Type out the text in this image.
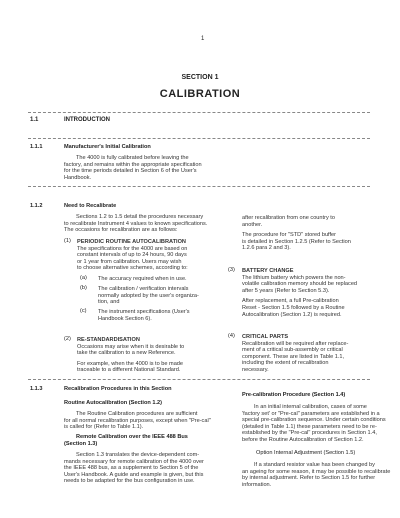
1
SECTION 1
CALIBRATION
1.1	INTRODUCTION
1.1.1	Manufacturer's Initial Calibration
The 4000 is fully calibrated before leaving the
factory, and remains within the appropriate specification
for the time periods detailed in Section 6 of the User's
Handbook.
1.1.2	Need to Recalibrate
Sections 1.2 to 1.5 detail the procedures necessary
to recalibrate Instrument 4 values to known specifications.
The occasions for recalibration are as follows:
(1) PERIODIC ROUTINE AUTOCALIBRATION
The specifications for the 4000 are based on
constant intervals of up to 24 hours, 90 days
or 1 year from calibration. Users may wish
to choose alternative schemes, according to:
(a) The accuracy required when in use.
(b) The calibration / verification intervals
normally adopted by the user's organiza-
tion, and
(c) The instrument specifications (User's
Handbook Section 6).
(2) RE-STANDARDISATION
Occasions may arise when it is desirable to
take the calibration to a new Reference.
For example, when the 4000 is to be made
traceable to a different National Standard.
after recalibration from one country to
another.
The procedure for "STD" stored buffer
is detailed in Section 1.2.5 (Refer to Section
1.2.6 para 2 and 3).
(3) BATTERY CHANGE
The lithium battery which powers the non-
volatile calibration memory should be replaced
after 5 years (Refer to Section 5.3).
After replacement, a full Pre-calibration
Reset - Section 1.5 followed by a Routine
Autocalibration (Section 1.2) is required.
(4) CRITICAL PARTS
Recalibration will be required after replace-
ment of a critical sub-assembly or critical
component. These are listed in Table 1.1,
including the extent of recalibration
necessary.
1.1.3	Recalibration Procedures in this Section
Routine Autocalibration (Section 1.2)
The Routine Calibration procedures are sufficient
for all normal recalibration purposes, except when "Pre-cal"
is called for (Refer to Table 1.1).
Remote Calibration over the IEEE 488 Bus
(Section 1.3)
Section 1.3 translates the device-dependent com-
mands necessary for remote calibration of the 4000 over
the IEEE 488 bus, as a supplement to Section 5 of the
User's Handbook. A guide and example is given, but this
needs to be adapted for the bus configuration in use.
Pre-calibration Procedure (Section 1.4)
In an initial internal calibration, cases of some
'factory set' or "Pre-cal" parameters are established in a
special pre-calibration sequence. Under certain conditions
(detailed in Table 1.1) these parameters need to be re-
established by the "Pre-cal" procedures in Section 1.4,
before the Routine Autocalibration of Section 1.2.
Option Internal Adjustment (Section 1.5)
If a standard resistor value has been changed by
an ageing for some reason, it may be possible to recalibrate
by internal adjustment. Refer to Section 1.5 for further
information.
